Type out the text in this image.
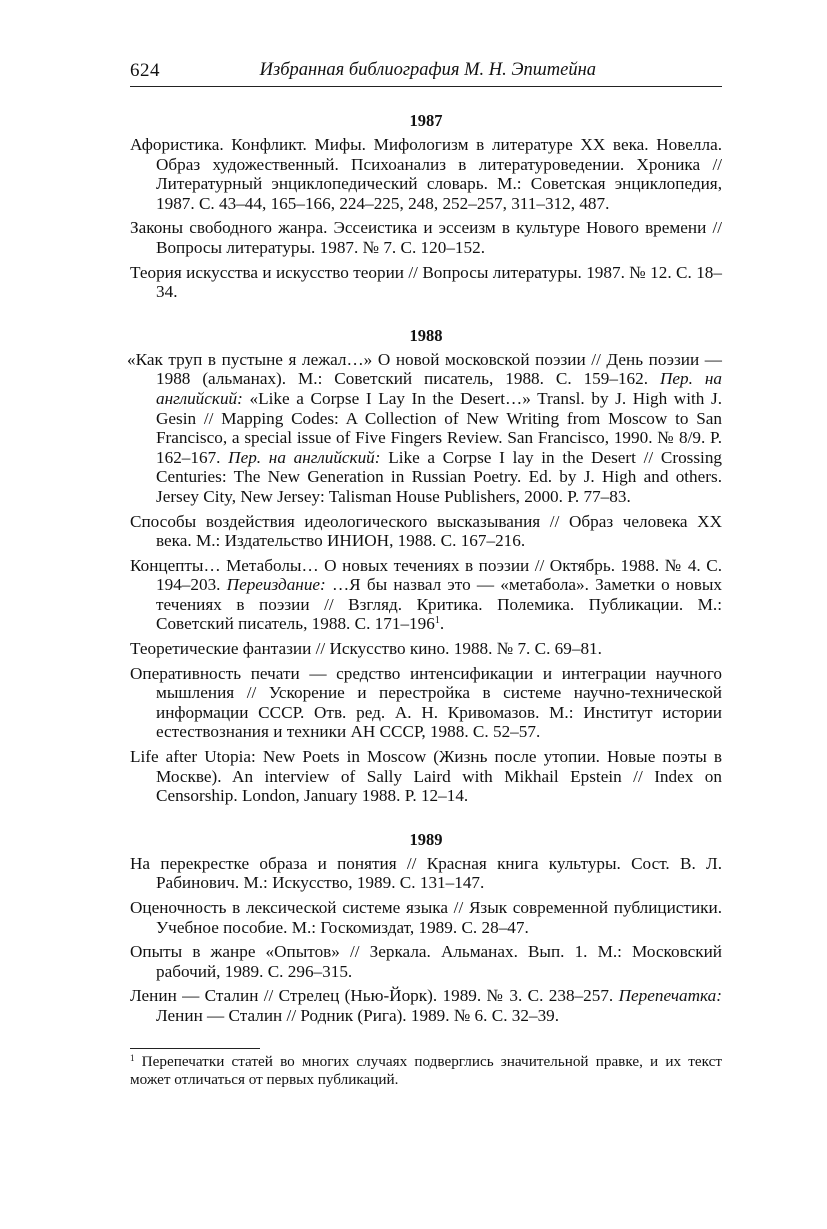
624	Избранная библиография М. Н. Эпштейна
1987

Афористика. Конфликт. Мифы. Мифологизм в литературе XX века. Новелла. Образ художественный. Психоанализ в литературоведении. Хроника // Литературный энциклопедический словарь. М.: Советская энциклопедия, 1987. С. 43–44, 165–166, 224–225, 248, 252–257, 311–312, 487.

Законы свободного жанра. Эссеистика и эссеизм в культуре Нового времени // Вопросы литературы. 1987. № 7. С. 120–152.

Теория искусства и искусство теории // Вопросы литературы. 1987. № 12. С. 18–34.

1988

«Как труп в пустыне я лежал…» О новой московской поэзии // День поэзии — 1988 (альманах). М.: Советский писатель, 1988. С. 159–162. Пер. на английский: «Like a Corpse I Lay In the Desert…» Transl. by J. High with J. Gesin // Mapping Codes: A Collection of New Writing from Moscow to San Francisco, a special issue of Five Fingers Review. San Francisco, 1990. № 8/9. P. 162–167. Пер. на английский: Like a Corpse I lay in the Desert // Crossing Centuries: The New Generation in Russian Poetry. Ed. by J. High and others. Jersey City, New Jersey: Talisman House Publishers, 2000. P. 77–83.

Способы воздействия идеологического высказывания // Образ человека XX века. М.: Издательство ИНИОН, 1988. С. 167–216.

Концепты… Метаболы… О новых течениях в поэзии // Октябрь. 1988. № 4. С. 194–203. Переиздание: …Я бы назвал это — «метабола». Заметки о новых течениях в поэзии // Взгляд. Критика. Полемика. Публикации. М.: Советский писатель, 1988. С. $171-196^1$.

Теоретические фантазии // Искусство кино. 1988. № 7. С. 69–81.

Оперативность печати — средство интенсификации и интеграции научного мышления // Ускорение и перестройка в системе научно-технической информации СССР. Отв. ред. А. Н. Кривомазов. М.: Институт истории естествознания и техники АН СССР, 1988. С. 52–57.

Life after Utopia: New Poets in Moscow (Жизнь после утопии. Новые поэты в Москве). An interview of Sally Laird with Mikhail Epstein // Index on Censorship. London, January 1988. P. 12–14.

1989

На перекрестке образа и понятия // Красная книга культуры. Сост. В. Л. Рабинович. М.: Искусство, 1989. С. 131–147.

Оценочность в лексической системе языка // Язык современной публицистики. Учебное пособие. М.: Госкомиздат, 1989. С. 28–47.

Опыты в жанре «Опытов» // Зеркала. Альманах. Вып. 1. М.: Московский рабочий, 1989. С. 296–315.

Ленин — Сталин // Стрелец (Нью-Йорк). 1989. № 3. С. 238–257. Перепечатка: Ленин — Сталин // Родник (Рига). 1989. № 6. С. 32–39.

$^1$ Перепечатки статей во многих случаях подверглись значительной правке, и их текст может отличаться от первых публикаций.
